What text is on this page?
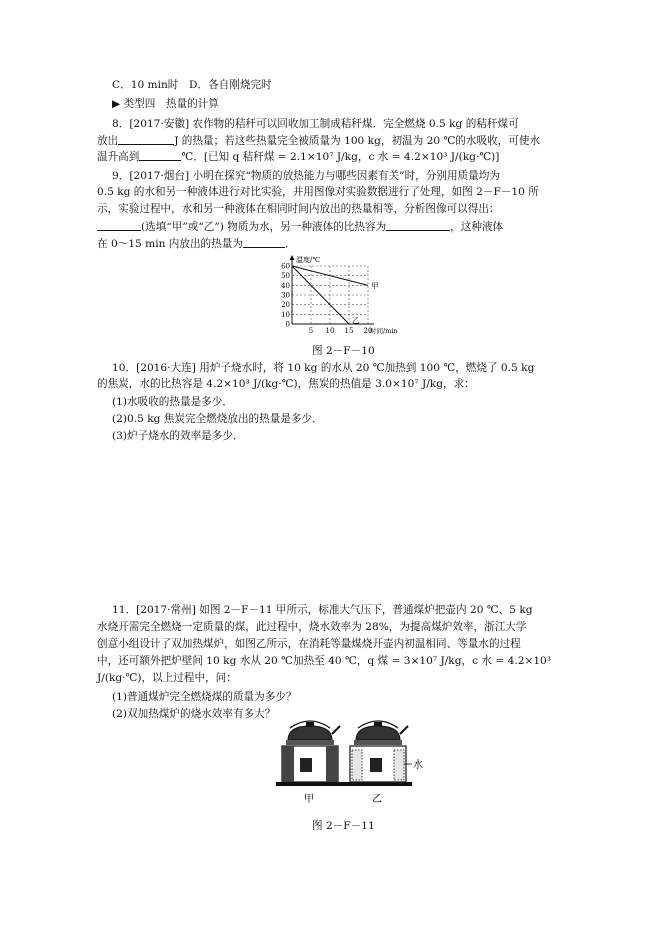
C．10 min时　D．各自刚烧完时
▶ 类型四　热量的计算
8．[2017·安徽] 农作物的秸秆可以回收加工制成秸秆煤．完全燃烧 0.5 kg 的秸秆煤可
放出	J 的热量；若这些热量完全被质量为 100 kg，初温为 20 ℃的水吸收，可使水
温升高到	℃．[已知 q 秸秆煤 = 2.1×10⁷ J/kg，c 水 = 4.2×10³ J/(kg·℃)]
9．[2017·烟台] 小明在探究“物质的放热能力与哪些因素有关”时，分别用质量均为
0.5 kg 的水和另一种液体进行对比实验，并用图像对实验数据进行了处理，如图 2－F－10 所
示，实验过程中，水和另一种液体在相同时间内放出的热量相等，分析图像可以得出：
(选填“甲”或“乙”) 物质为水，另一种液体的比热容为	，这种液体
在 0～15 min 内放出的热量为	．
0
10
20
30
40
50
60
5 10 15 20
温度/℃
时间/min
甲
乙
图 2－F－10
10．[2016·大连] 用炉子烧水时，将 10 kg 的水从 20 ℃加热到 100 ℃，燃烧了 0.5 kg
的焦炭，水的比热容是 4.2×10³ J/(kg·℃)，焦炭的热值是 3.0×10⁷ J/kg，求：
(1)水吸收的热量是多少．
(2)0.5 kg 焦炭完全燃烧放出的热量是多少．
(3)炉子烧水的效率是多少．
11．[2017·常州] 如图 2－F－11 甲所示，标准大气压下，普通煤炉把壶内 20 ℃、5 kg
水烧开需完全燃烧一定质量的煤，此过程中，烧水效率为 28%，为提高煤炉效率，浙江大学
创意小组设计了双加热煤炉，如图乙所示，在消耗等量煤烧开壶内初温相同、等量水的过程
中，还可额外把炉壁间 10 kg 水从 20 ℃加热至 40 ℃，q 煤 = 3×10⁷ J/kg，c 水 = 4.2×10³
J/(kg·℃)，以上过程中，问：
(1)普通煤炉完全燃烧煤的质量为多少？
(2)双加热煤炉的烧水效率有多大？
水
甲	乙
图 2－F－11
